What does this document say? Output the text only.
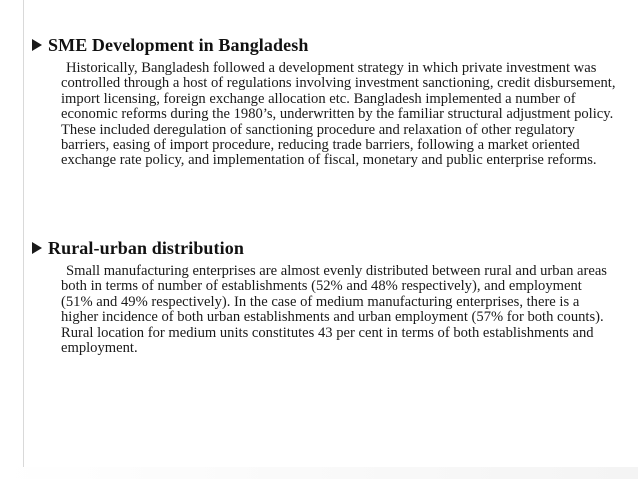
SME Development in Bangladesh
Historically, Bangladesh followed a development strategy in which private investment was controlled through a host of regulations involving investment sanctioning, credit disbursement, import licensing, foreign exchange allocation etc. Bangladesh implemented a number of economic reforms during the 1980’s, underwritten by the familiar structural adjustment policy. These included deregulation of sanctioning procedure and relaxation of other regulatory barriers, easing of import procedure, reducing trade barriers, following a market oriented exchange rate policy, and implementation of fiscal, monetary and public enterprise reforms.
Rural-urban distribution
Small manufacturing enterprises are almost evenly distributed between rural and urban areas both in terms of number of establishments (52% and 48% respectively), and employment (51% and 49% respectively). In the case of medium manufacturing enterprises, there is a higher incidence of both urban establishments and urban employment (57% for both counts). Rural location for medium units constitutes 43 per cent in terms of both establishments and employment.
